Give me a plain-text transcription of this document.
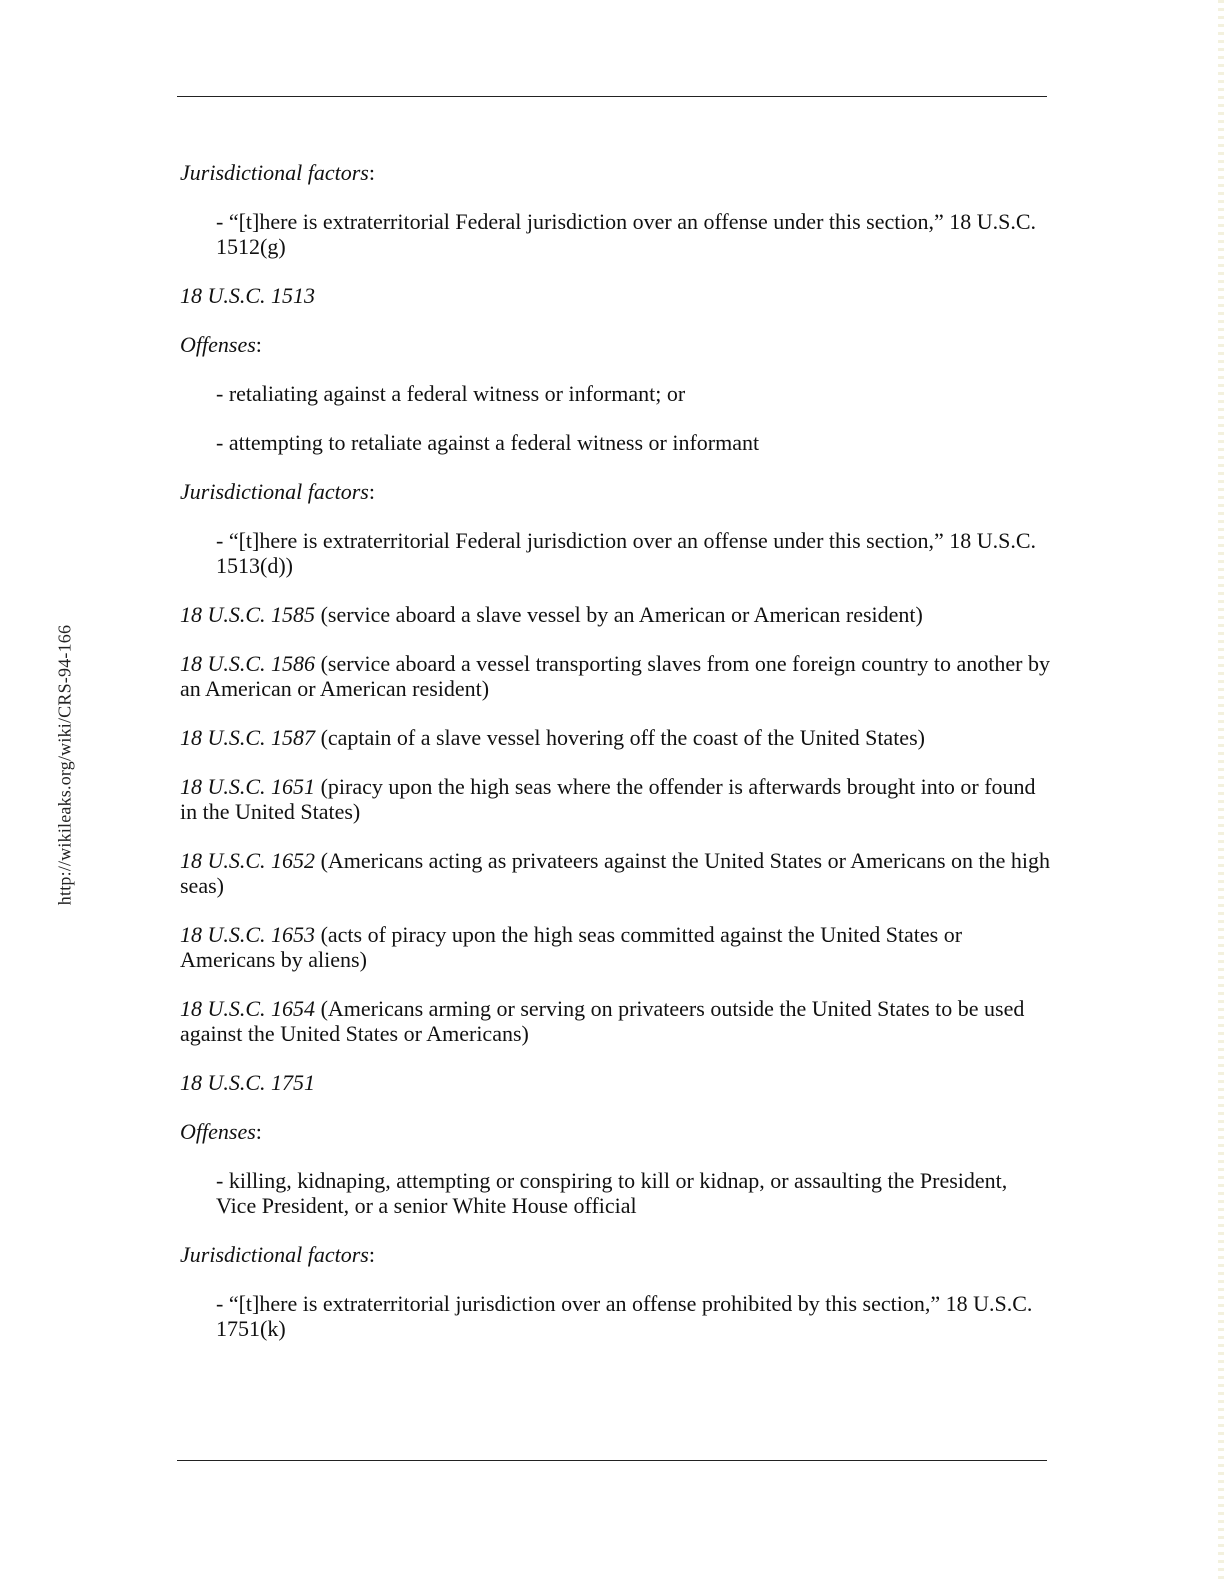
http://wikileaks.org/wiki/CRS-94-166

Jurisdictional factors:

- “[t]here is extraterritorial Federal jurisdiction over an offense under this section,” 18 U.S.C. 1512(g)

18 U.S.C. 1513

Offenses:

- retaliating against a federal witness or informant; or

- attempting to retaliate against a federal witness or informant

Jurisdictional factors:

- “[t]here is extraterritorial Federal jurisdiction over an offense under this section,” 18 U.S.C. 1513(d))

18 U.S.C. 1585 (service aboard a slave vessel by an American or American resident)

18 U.S.C. 1586 (service aboard a vessel transporting slaves from one foreign country to another by an American or American resident)

18 U.S.C. 1587 (captain of a slave vessel hovering off the coast of the United States)

18 U.S.C. 1651 (piracy upon the high seas where the offender is afterwards brought into or found in the United States)

18 U.S.C. 1652 (Americans acting as privateers against the United States or Americans on the high seas)

18 U.S.C. 1653 (acts of piracy upon the high seas committed against the United States or Americans by aliens)

18 U.S.C. 1654 (Americans arming or serving on privateers outside the United States to be used against the United States or Americans)

18 U.S.C. 1751

Offenses:

- killing, kidnaping, attempting or conspiring to kill or kidnap, or assaulting the President, Vice President, or a senior White House official

Jurisdictional factors:

- “[t]here is extraterritorial jurisdiction over an offense prohibited by this section,” 18 U.S.C. 1751(k)
